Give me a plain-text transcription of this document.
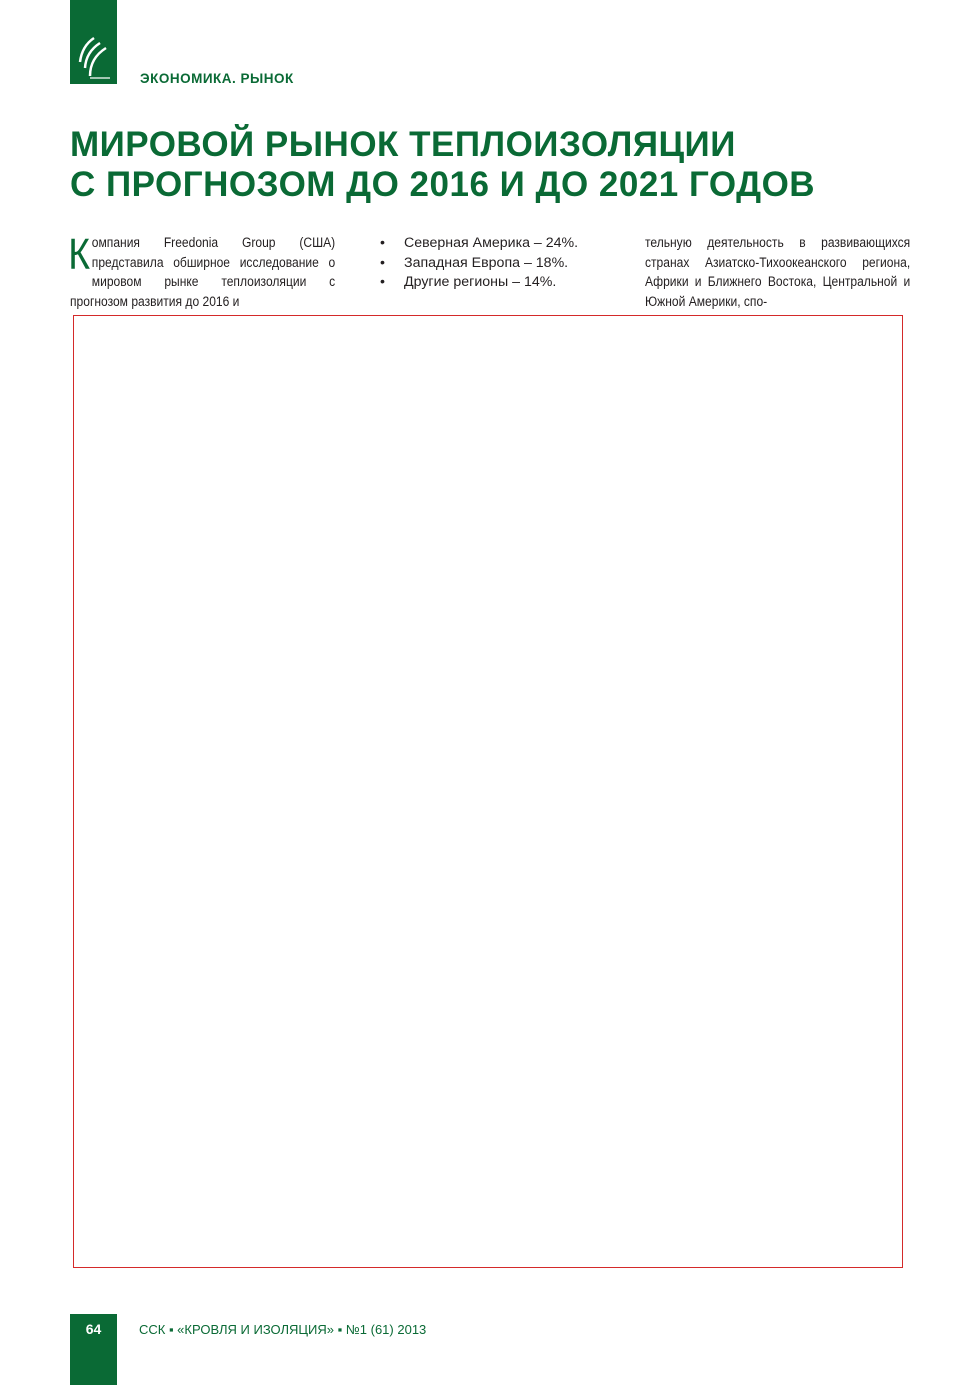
ЭКОНОМИКА. РЫНОК
МИРОВОЙ РЫНОК ТЕПЛОИЗОЛЯЦИИ
С ПРОГНОЗОМ ДО 2016 И ДО 2021 ГОДОВ
К омпания Freedonia Group (США) представила обширное исследование о мировом рынке теплоизоляции с прогнозом развития до 2016 и
•	Северная Америка – 24%.
•	Западная Европа – 18%.
•	Другие регионы – 14%.
тельную деятельность в развивающихся странах Азиатско-Тихоокеанского региона, Африки и Ближнего Востока, Центральной и Южной Америки, спо-
64	ССК ▪ «КРОВЛЯ И ИЗОЛЯЦИЯ» ▪ №1 (61) 2013
